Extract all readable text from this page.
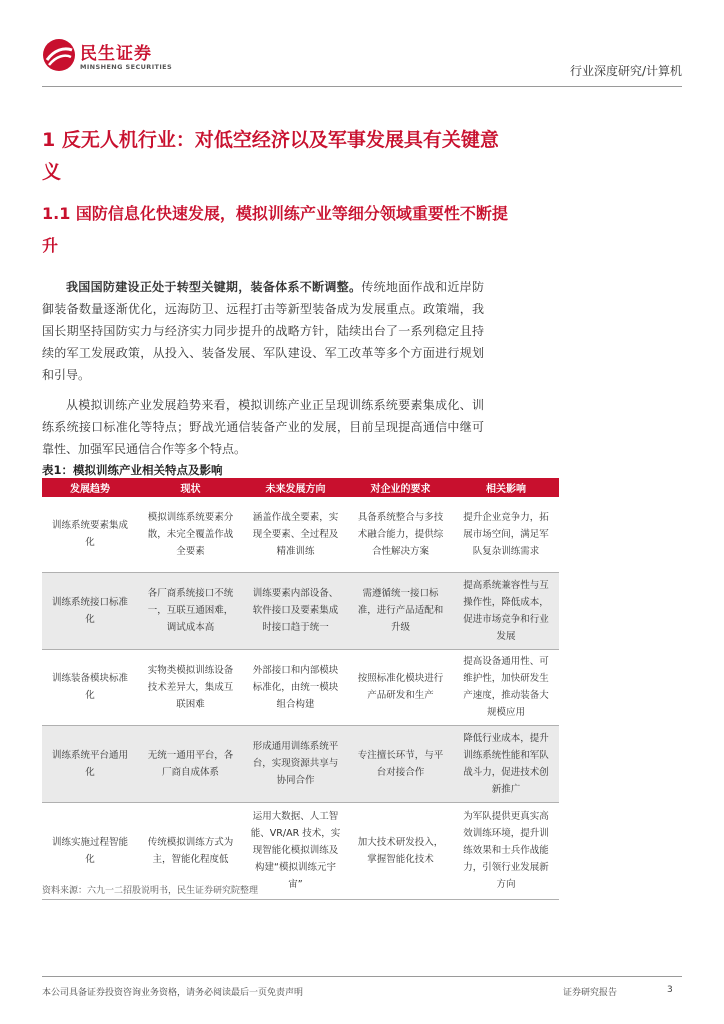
民生证券
MINSHENG SECURITIES	行业深度研究/计算机
1 反无人机行业：对低空经济以及军事发展具有关键意义
1.1 国防信息化快速发展，模拟训练产业等细分领域重要性不断提升
我国国防建设正处于转型关键期，装备体系不断调整。传统地面作战和近岸防御装备数量逐渐优化，远海防卫、远程打击等新型装备成为发展重点。政策端，我国长期坚持国防实力与经济实力同步提升的战略方针，陆续出台了一系列稳定且持续的军工发展政策，从投入、装备发展、军队建设、军工改革等多个方面进行规划和引导。
从模拟训练产业发展趋势来看，模拟训练产业正呈现训练系统要素集成化、训练系统接口标准化等特点；野战光通信装备产业的发展，目前呈现提高通信中继可靠性、加强军民通信合作等多个特点。
表1：模拟训练产业相关特点及影响
发展趋势	现状	未来发展方向	对企业的要求	相关影响
训练系统要素集成化	模拟训练系统要素分散，未完全覆盖作战全要素	涵盖作战全要素，实现全要素、全过程及精准训练	具备系统整合与多技术融合能力，提供综合性解决方案	提升企业竞争力，拓展市场空间，满足军队复杂训练需求
训练系统接口标准化	各厂商系统接口不统一，互联互通困难，调试成本高	训练要素内部设备、软件接口及要素集成时接口趋于统一	需遵循统一接口标准，进行产品适配和升级	提高系统兼容性与互操作性，降低成本，促进市场竞争和行业发展
训练装备模块标准化	实物类模拟训练设备技术差异大，集成互联困难	外部接口和内部模块标准化，由统一模块组合构建	按照标准化模块进行产品研发和生产	提高设备通用性、可维护性，加快研发生产速度，推动装备大规模应用
训练系统平台通用化	无统一通用平台，各厂商自成体系	形成通用训练系统平台，实现资源共享与协同合作	专注擅长环节，与平台对接合作	降低行业成本，提升训练系统性能和军队战斗力，促进技术创新推广
训练实施过程智能化	传统模拟训练方式为主，智能化程度低	运用大数据、人工智能、VR/AR 技术，实现智能化模拟训练及构建“模拟训练元宇宙”	加大技术研发投入，掌握智能化技术	为军队提供更真实高效训练环境，提升训练效果和士兵作战能力，引领行业发展新方向
资料来源：六九一二招股说明书，民生证券研究院整理
本公司具备证券投资咨询业务资格，请务必阅读最后一页免责声明	证券研究报告	3
